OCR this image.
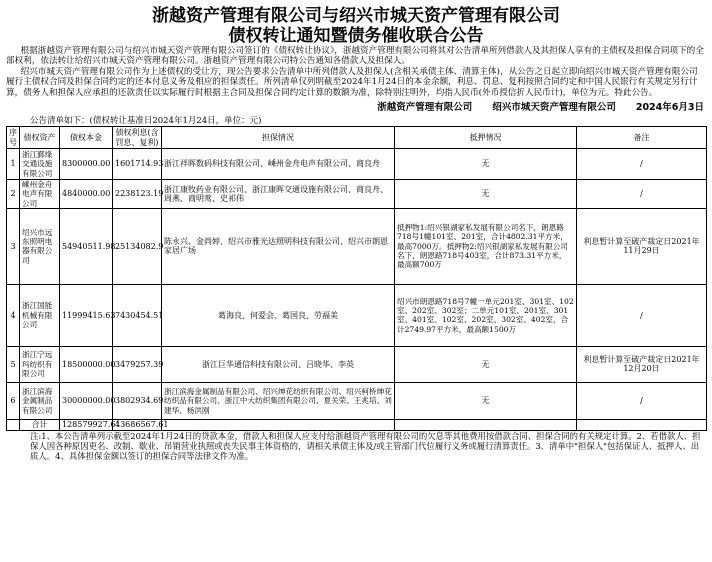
浙越资产管理有限公司与绍兴市城天资产管理有限公司
债权转让通知暨债务催收联合公告

根据浙越资产管理有限公司与绍兴市城天资产管理有限公司签订的《债权转让协议》，浙越资产管理有限公司将其对公告清单所列借款人及其担保人享有的主债权及担保合同项下的全部权利，依法转让给绍兴市城天资产管理有限公司。浙越资产管理有限公司特公告通知各借款人及担保人。

绍兴市城天资产管理有限公司作为上述债权的受让方，现公告要求公告清单中所列借款人及担保人(含相关承债主体、清算主体)，从公告之日起立即向绍兴市城天资产管理有限公司履行主债权合同及担保合同约定的还本付息义务及相应的担保责任。所列清单仅列明截至2024年1月24日的本金余额，利息、罚息、复利按照合同约定和中国人民银行有关规定另行计算，债务人和担保人应承担的还款责任以实际履行时根据主合同及担保合同约定计算的数额为准，除特别注明外，均指人民币(外币授信折人民币计)，单位为元。特此公告。

浙越资产管理有限公司 绍兴市城天资产管理有限公司 2024年6月3日
公告清单如下：(债权转让基准日2024年1月24日，单位：元)
序号	债权资产	债权本金	债权利息(含罚息、复利)	担保情况	抵押情况	备注
1	浙江鄞缘交通设施有限公司	8300000.00	1601714.93	浙江祥晖数码科技有限公司、嵊州金舟电声有限公司、商良舟	无	/
2	嵊州金舟电声有限公司	4840000.00	2238123.19	浙江康牧药业有限公司、浙江康晖交通设施有限公司、商良舟、周燕、商明莺、史祁伟	无	/
3	绍兴市远东照明电器有限公司	54940511.98	25134082.9	陈永兴、金尚婷、绍兴市雅光达照明科技有限公司、绍兴市朗恩家居广场	抵押物1:绍兴银湖家私发展有限公司名下，朗恩路718号1幢101室、201室，合计4802.31平方米，最高7000万。抵押物2:绍兴银湖家私发展有限公司名下，朗恩路718号403室，合计873.31平方米，最高额700万	利息暂计算至破产裁定日2021年11月29日
4	浙江国能机械有限公司	11999415.63	7430454.51	葛海良、何爱会、葛国良、劳福美	绍兴市朗恩路718号7幢一单元201室、301室、102室、202室、302室；二单元101室、201室、301室、401室、102室、202室、302室、402室，合计2749.97平方米，最高额1500万	/
5	浙江宁远玛纺织有限公司	18500000.00	3479257.39	浙江巨华通信科技有限公司、吕晓华、李英	无	利息暂计算至破产裁定日2021年12月20日
6	浙江滨海金属制品有限公司	30000000.00	3802934.69	浙江滨海金属制品有限公司、绍兴绅花纺织有限公司、绍兴柯桥绅花纺织品有限公司、浙江中大纺织集团有限公司、夏关荣、王兆培、刘建华、杨洪刚	无	/
	合计	128579927.61	43686567.61			

注:1、本公告清单列示截至2024年1月24日的贷款本金，借款人和担保人应支付给浙越资产管理有限公司的欠息等其他费用按借款合同、担保合同的有关规定计算。2、若借款人、担保人因各种原因更名、改制、歇业、吊销营业执照或丧失民事主体资格的，请相关承债主体及/或主管部门代位履行义务或履行清算责任。3、清单中"担保人"包括保证人、抵押人、出质人。4、具体担保金额以签订的担保合同等法律文件为准。
